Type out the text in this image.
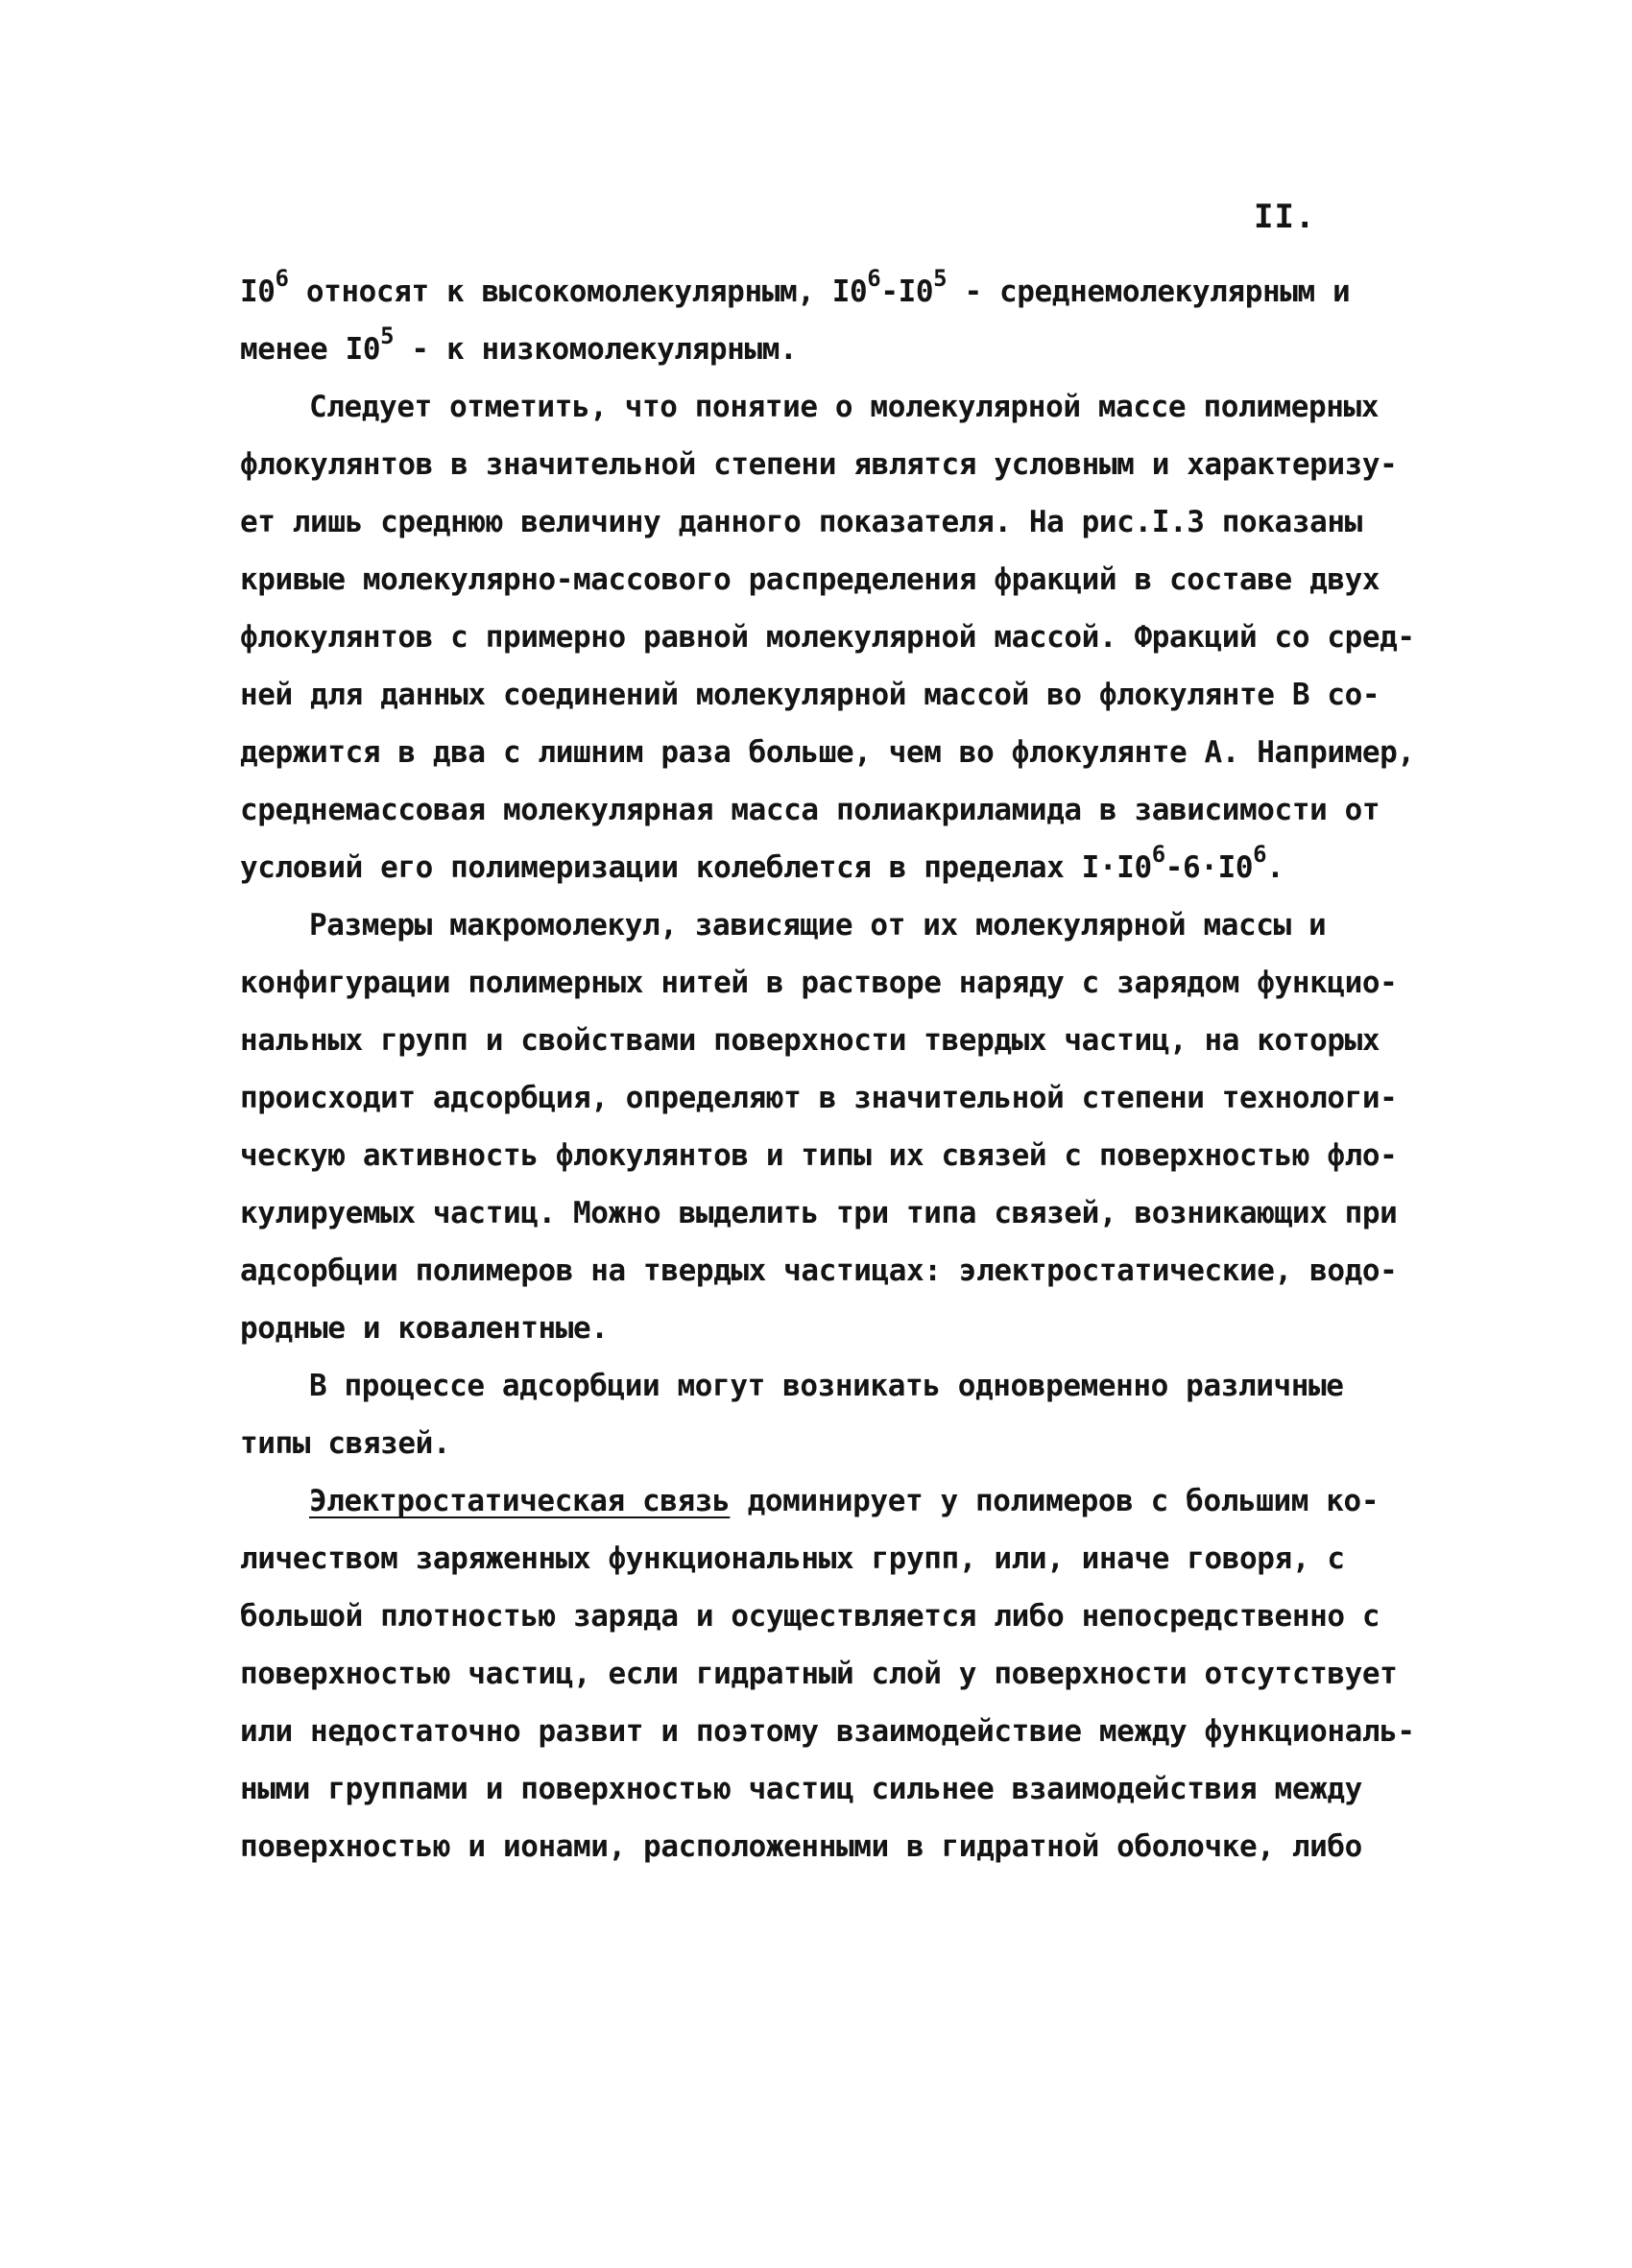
II.
$I0^6$ относят к высокомолекулярным, $I0^6-I0^5$ - среднемолекулярным и
менее $I0^5$ - к низкомолекулярным.
Следует отметить, что понятие о молекулярной массе полимерных
флокулянтов в значительной степени являтся условным и характеризу-
ет лишь среднюю величину данного показателя. На рис.I.3 показаны
кривые молекулярно-массового распределения фракций в составе двух
флокулянтов с примерно равной молекулярной массой. Фракций со сред-
ней для данных соединений молекулярной массой во флокулянте В со-
держится в два с лишним раза больше, чем во флокулянте А. Например,
среднемассовая молекулярная масса полиакриламида в зависимости от
условий его полимеризации колеблется в пределах $I\cdot I0^6-6\cdot I0^6$.
Размеры макромолекул, зависящие от их молекулярной массы и
конфигурации полимерных нитей в растворе наряду с зарядом функцио-
нальных групп и свойствами поверхности твердых частиц, на которых
происходит адсорбция, определяют в значительной степени технологи-
ческую активность флокулянтов и типы их связей с поверхностью фло-
кулируемых частиц. Можно выделить три типа связей, возникающих при
адсорбции полимеров на твердых частицах: электростатические, водо-
родные и ковалентные.
В процессе адсорбции могут возникать одновременно различные
типы связей.
Электростатическая связь доминирует у полимеров с большим ко-
личеством заряженных функциональных групп, или, иначе говоря, с
большой плотностью заряда и осуществляется либо непосредственно с
поверхностью частиц, если гидратный слой у поверхности отсутствует
или недостаточно развит и поэтому взаимодействие между функциональ-
ными группами и поверхностью частиц сильнее взаимодействия между
поверхностью и ионами, расположенными в гидратной оболочке, либо
